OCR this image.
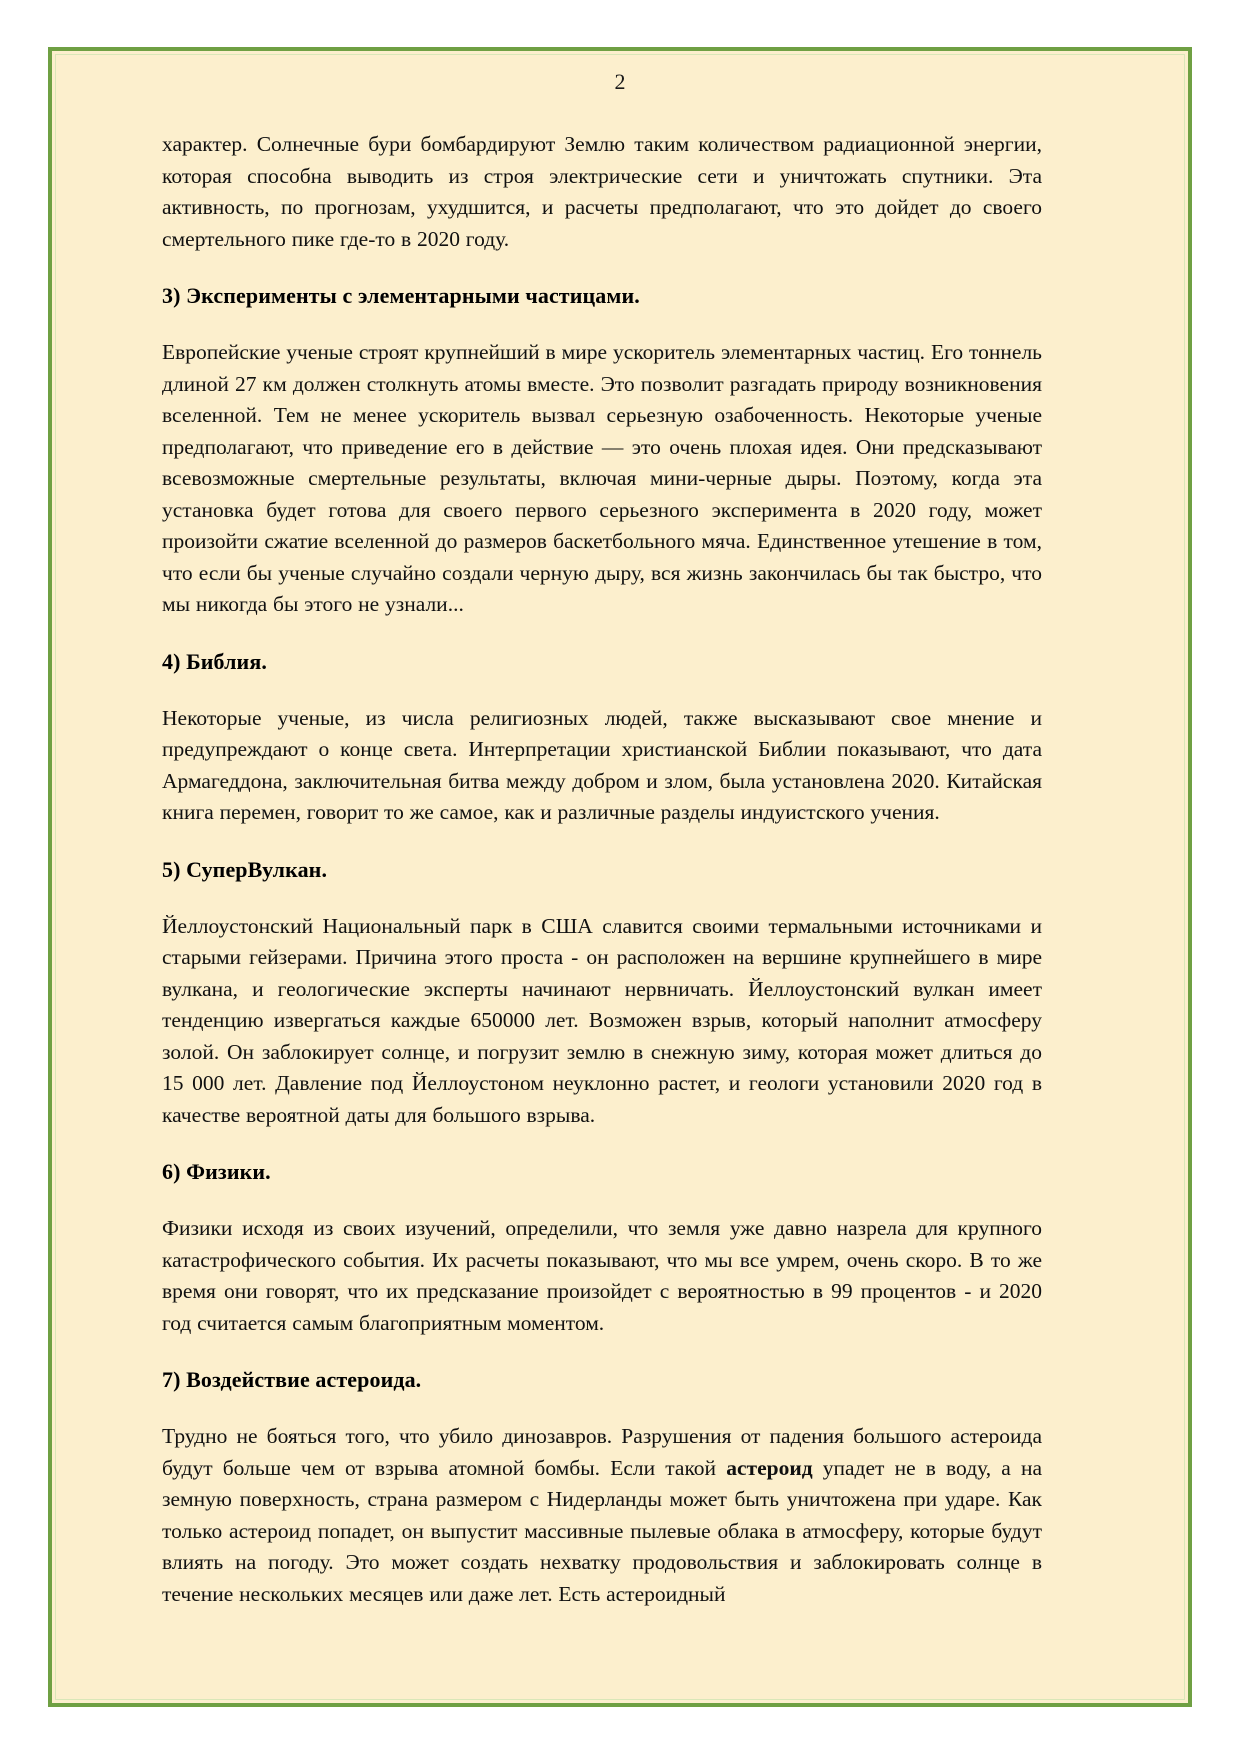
2

характер. Солнечные бури бомбардируют Землю таким количеством радиационной энергии, которая способна выводить из строя электрические сети и уничтожать спутники. Эта активность, по прогнозам, ухудшится, и расчеты предполагают, что это дойдет до своего смертельного пике где-то в 2020 году.

3) Эксперименты с элементарными частицами.

Европейские ученые строят крупнейший в мире ускоритель элементарных частиц. Его тоннель длиной 27 км должен столкнуть атомы вместе. Это позволит разгадать природу возникновения вселенной. Тем не менее ускоритель вызвал серьезную озабоченность. Некоторые ученые предполагают, что приведение его в действие — это очень плохая идея. Они предсказывают всевозможные смертельные результаты, включая мини-черные дыры. Поэтому, когда эта установка будет готова для своего первого серьезного эксперимента в 2020 году, может произойти сжатие вселенной до размеров баскетбольного мяча. Единственное утешение в том, что если бы ученые случайно создали черную дыру, вся жизнь закончилась бы так быстро, что мы никогда бы этого не узнали...

4) Библия.

Некоторые ученые, из числа религиозных людей, также высказывают свое мнение и предупреждают о конце света. Интерпретации христианской Библии показывают, что дата Армагеддона, заключительная битва между добром и злом, была установлена 2020. Китайская книга перемен, говорит то же самое, как и различные разделы индуистского учения.

5) СуперВулкан.

Йеллоустонский Национальный парк в США славится своими термальными источниками и старыми гейзерами. Причина этого проста - он расположен на вершине крупнейшего в мире вулкана, и геологические эксперты начинают нервничать. Йеллоустонский вулкан имеет тенденцию извергаться каждые 650000 лет. Возможен взрыв, который наполнит атмосферу золой. Он заблокирует солнце, и погрузит землю в снежную зиму, которая может длиться до 15 000 лет. Давление под Йеллоустоном неуклонно растет, и геологи установили 2020 год в качестве вероятной даты для большого взрыва.

6) Физики.

Физики исходя из своих изучений, определили, что земля уже давно назрела для крупного катастрофического события. Их расчеты показывают, что мы все умрем, очень скоро. В то же время они говорят, что их предсказание произойдет с вероятностью в 99 процентов - и 2020 год считается самым благоприятным моментом.

7) Воздействие астероида.

Трудно не бояться того, что убило динозавров. Разрушения от падения большого астероида будут больше чем от взрыва атомной бомбы. Если такой астероид упадет не в воду, а на земную поверхность, страна размером с Нидерланды может быть уничтожена при ударе. Как только астероид попадет, он выпустит массивные пылевые облака в атмосферу, которые будут влиять на погоду. Это может создать нехватку продовольствия и заблокировать солнце в течение нескольких месяцев или даже лет. Есть астероидный
